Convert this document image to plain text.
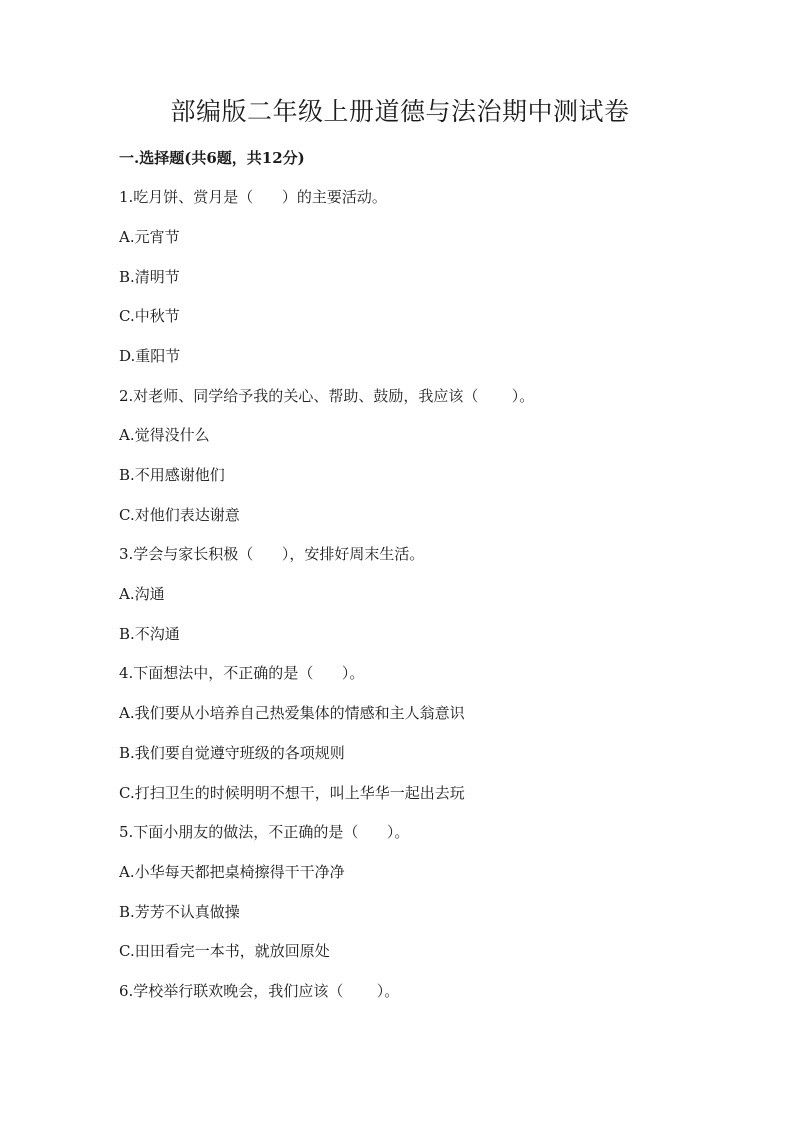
部编版二年级上册道德与法治期中测试卷
一.选择题(共6题，共12分)
1.吃月饼、赏月是（      ）的主要活动。
A.元宵节
B.清明节
C.中秋节
D.重阳节
2.对老师、同学给予我的关心、帮助、鼓励，我应该（       ）。
A.觉得没什么
B.不用感谢他们
C.对他们表达谢意
3.学会与家长积极（      ），安排好周末生活。
A.沟通
B.不沟通
4.下面想法中，不正确的是（      ）。
A.我们要从小培养自己热爱集体的情感和主人翁意识
B.我们要自觉遵守班级的各项规则
C.打扫卫生的时候明明不想干，叫上华华一起出去玩
5.下面小朋友的做法，不正确的是（      ）。
A.小华每天都把桌椅擦得干干净净
B.芳芳不认真做操
C.田田看完一本书，就放回原处
6.学校举行联欢晚会，我们应该（       ）。
